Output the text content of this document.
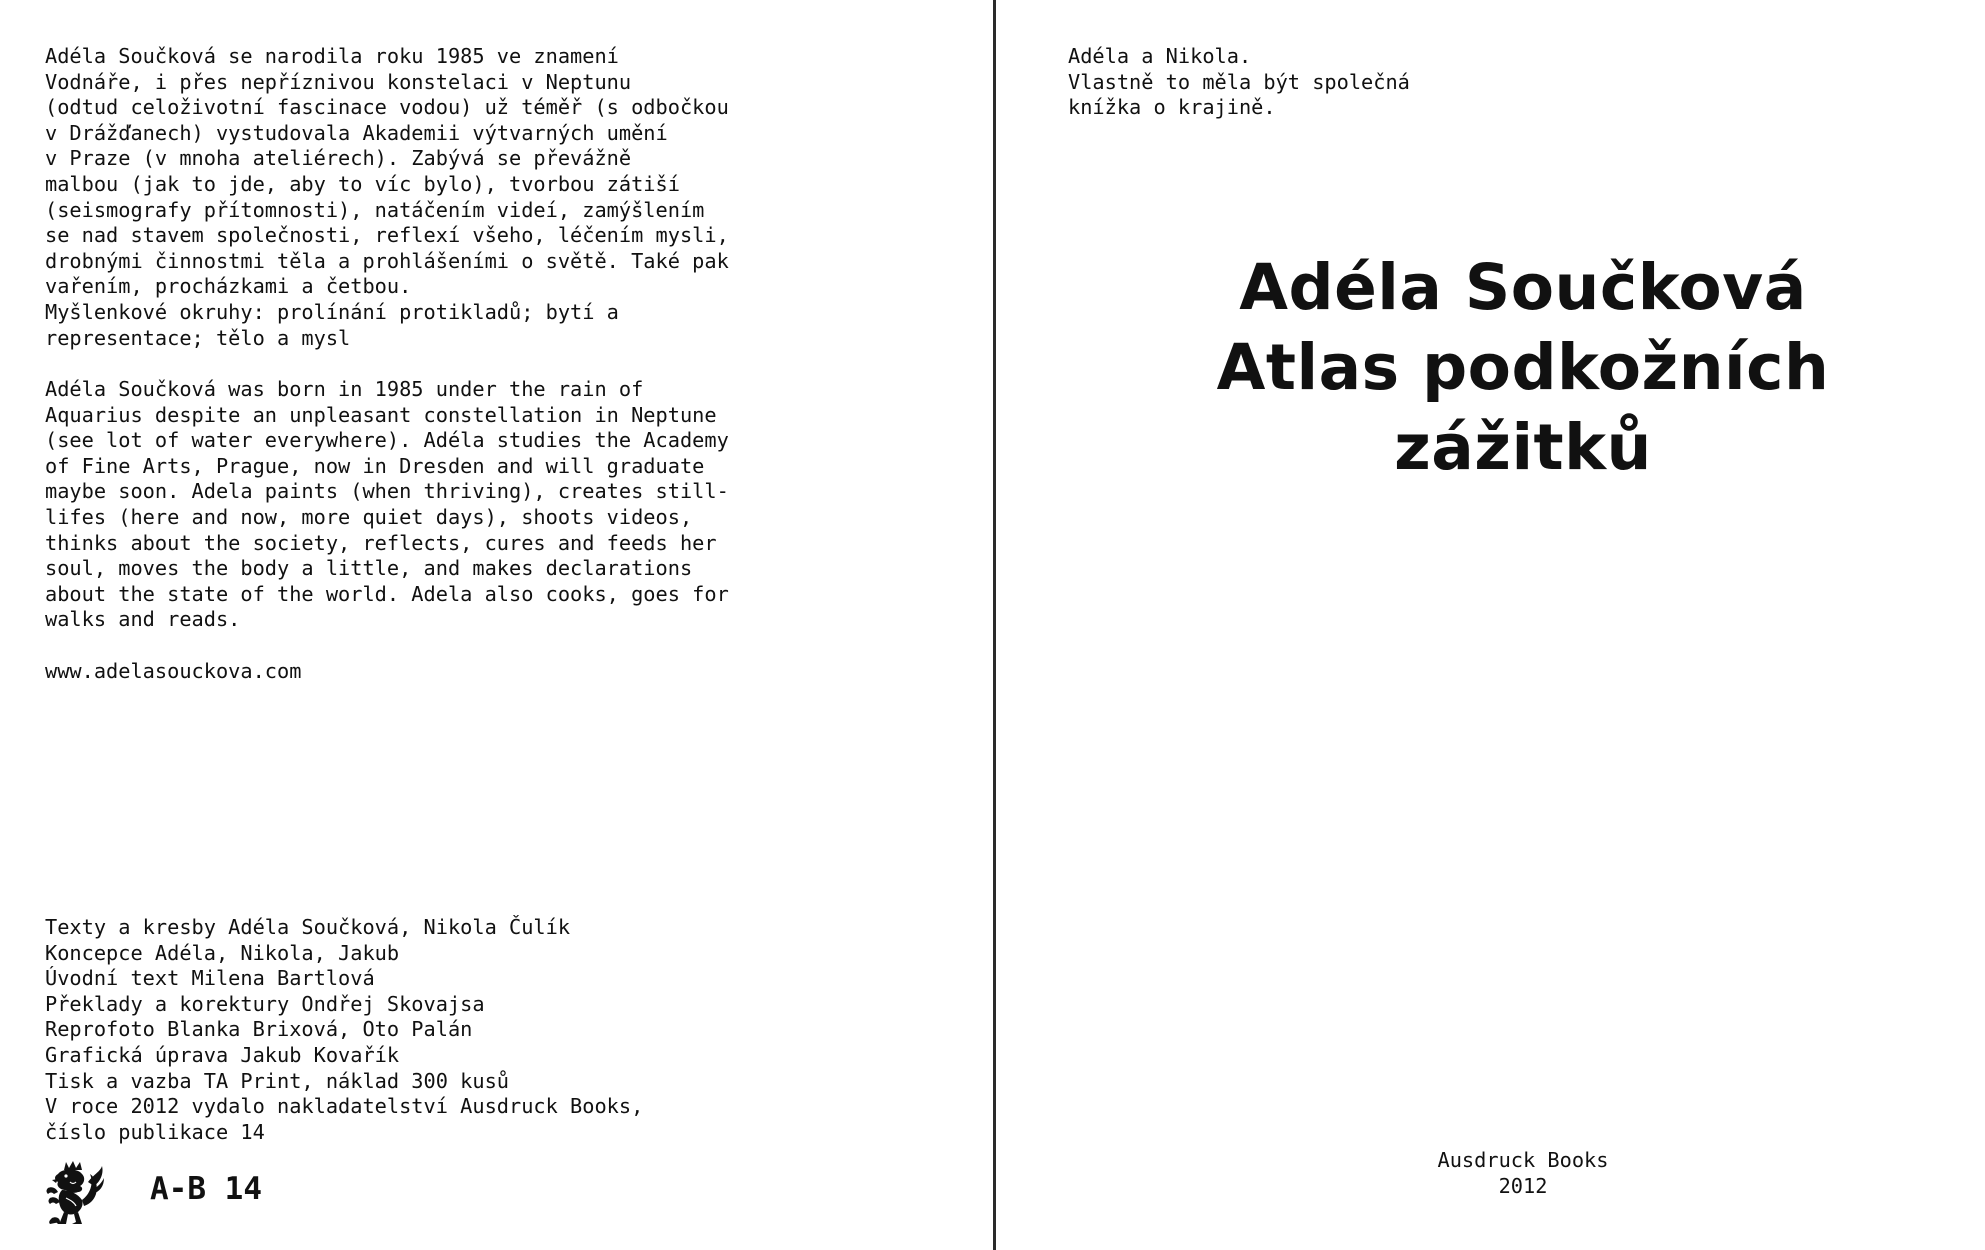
Adéla Součková se narodila roku 1985 ve znamení
Vodnáře, i přes nepříznivou konstelaci v Neptunu
(odtud celoživotní fascinace vodou) už téměř (s odbočkou
v Drážďanech) vystudovala Akademii výtvarných umění
v Praze (v mnoha ateliérech). Zabývá se převážně
malbou (jak to jde, aby to víc bylo), tvorbou zátiší
(seismografy přítomnosti), natáčením videí, zamýšlením
se nad stavem společnosti, reflexí všeho, léčením mysli,
drobnými činnostmi těla a prohlášeními o světě. Také pak
vařením, procházkami a četbou.
Myšlenkové okruhy: prolínání protikladů; bytí a
representace; tělo a mysl

Adéla Součková was born in 1985 under the rain of
Aquarius despite an unpleasant constellation in Neptune
(see lot of water everywhere). Adéla studies the Academy
of Fine Arts, Prague, now in Dresden and will graduate
maybe soon. Adela paints (when thriving), creates still-
lifes (here and now, more quiet days), shoots videos,
thinks about the society, reflects, cures and feeds her
soul, moves the body a little, and makes declarations
about the state of the world. Adela also cooks, goes for
walks and reads.

www.adelasouckova.com

Texty a kresby Adéla Součková, Nikola Čulík
Koncepce Adéla, Nikola, Jakub
Úvodní text Milena Bartlová
Překlady a korektury Ondřej Skovajsa
Reprofoto Blanka Brixová, Oto Palán
Grafická úprava Jakub Kovařík
Tisk a vazba TA Print, náklad 300 kusů
V roce 2012 vydalo nakladatelství Ausdruck Books,
číslo publikace 14

A-B 14

Adéla a Nikola.
Vlastně to měla být společná
knížka o krajině.

Adéla Součková
Atlas podkožních
zážitků
Ausdruck Books
2012
